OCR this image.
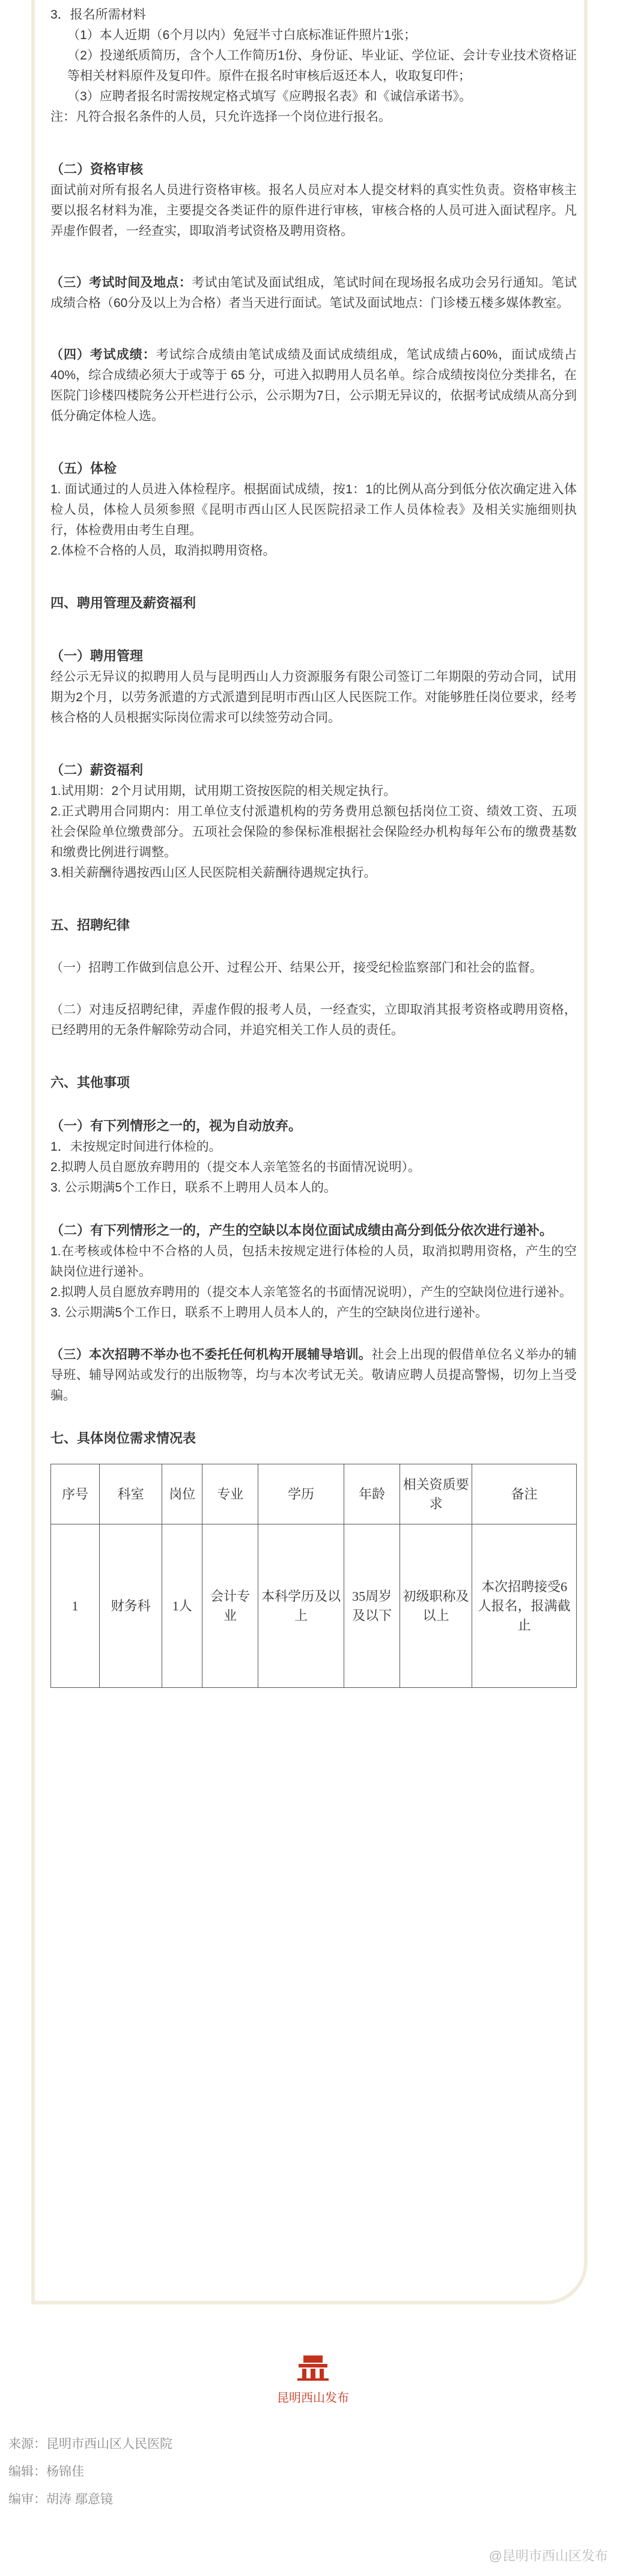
3．报名所需材料
（1）本人近期（6个月以内）免冠半寸白底标准证件照片1张；
（2）投递纸质简历，含个人工作简历1份、身份证、毕业证、学位证、会计专业技术资格证等相关材料原件及复印件。原件在报名时审核后返还本人，收取复印件；
（3）应聘者报名时需按规定格式填写《应聘报名表》和《诚信承诺书》。
注：凡符合报名条件的人员，只允许选择一个岗位进行报名。
（二）资格审核
面试前对所有报名人员进行资格审核。报名人员应对本人提交材料的真实性负责。资格审核主要以报名材料为准，主要提交各类证件的原件进行审核，审核合格的人员可进入面试程序。凡弄虚作假者，一经查实，即取消考试资格及聘用资格。
（三）考试时间及地点：考试由笔试及面试组成，笔试时间在现场报名成功会另行通知。笔试成绩合格（60分及以上为合格）者当天进行面试。笔试及面试地点：门诊楼五楼多媒体教室。
（四）考试成绩：考试综合成绩由笔试成绩及面试成绩组成，笔试成绩占60%，面试成绩占40%，综合成绩必须大于或等于 65 分，可进入拟聘用人员名单。综合成绩按岗位分类排名，在医院门诊楼四楼院务公开栏进行公示，公示期为7日，公示期无异议的，依据考试成绩从高分到低分确定体检人选。
（五）体检
1. 面试通过的人员进入体检程序。根据面试成绩，按1：1的比例从高分到低分依次确定进入体检人员，体检人员须参照《昆明市西山区人民医院招录工作人员体检表》及相关实施细则执行，体检费用由考生自理。
2.体检不合格的人员，取消拟聘用资格。
四、聘用管理及薪资福利
（一）聘用管理
经公示无异议的拟聘用人员与昆明西山人力资源服务有限公司签订二年期限的劳动合同，试用期为2个月，以劳务派遣的方式派遣到昆明市西山区人民医院工作。对能够胜任岗位要求，经考核合格的人员根据实际岗位需求可以续签劳动合同。
（二）薪资福利
1.试用期：2个月试用期，试用期工资按医院的相关规定执行。
2.正式聘用合同期内：用工单位支付派遣机构的劳务费用总额包括岗位工资、绩效工资、五项社会保险单位缴费部分。五项社会保险的参保标准根据社会保险经办机构每年公布的缴费基数和缴费比例进行调整。
3.相关薪酬待遇按西山区人民医院相关薪酬待遇规定执行。
五、招聘纪律
（一）招聘工作做到信息公开、过程公开、结果公开，接受纪检监察部门和社会的监督。
（二）对违反招聘纪律，弄虚作假的报考人员，一经查实，立即取消其报考资格或聘用资格，已经聘用的无条件解除劳动合同，并追究相关工作人员的责任。
六、其他事项
（一）有下列情形之一的，视为自动放弃。
1．未按规定时间进行体检的。
2.拟聘人员自愿放弃聘用的（提交本人亲笔签名的书面情况说明）。
3. 公示期满5个工作日，联系不上聘用人员本人的。
（二）有下列情形之一的，产生的空缺以本岗位面试成绩由高分到低分依次进行递补。
1.在考核或体检中不合格的人员，包括未按规定进行体检的人员，取消拟聘用资格，产生的空缺岗位进行递补。
2.拟聘人员自愿放弃聘用的（提交本人亲笔签名的书面情况说明），产生的空缺岗位进行递补。
3. 公示期满5个工作日，联系不上聘用人员本人的，产生的空缺岗位进行递补。
（三）本次招聘不举办也不委托任何机构开展辅导培训。社会上出现的假借单位名义举办的辅导班、辅导网站或发行的出版物等，均与本次考试无关。敬请应聘人员提高警惕，切勿上当受骗。
七、具体岗位需求情况表
序号	科室	岗位	专业	学历	年龄	相关资质要求	备注
1	财务科	1人	会计专业	本科学历及以上	35周岁及以下	初级职称及以上	本次招聘接受6人报名，报满截止
昆明西山发布
来源：昆明市西山区人民医院
编辑：杨锦佳
编审：胡涛 鄢意镜
@昆明市西山区发布
